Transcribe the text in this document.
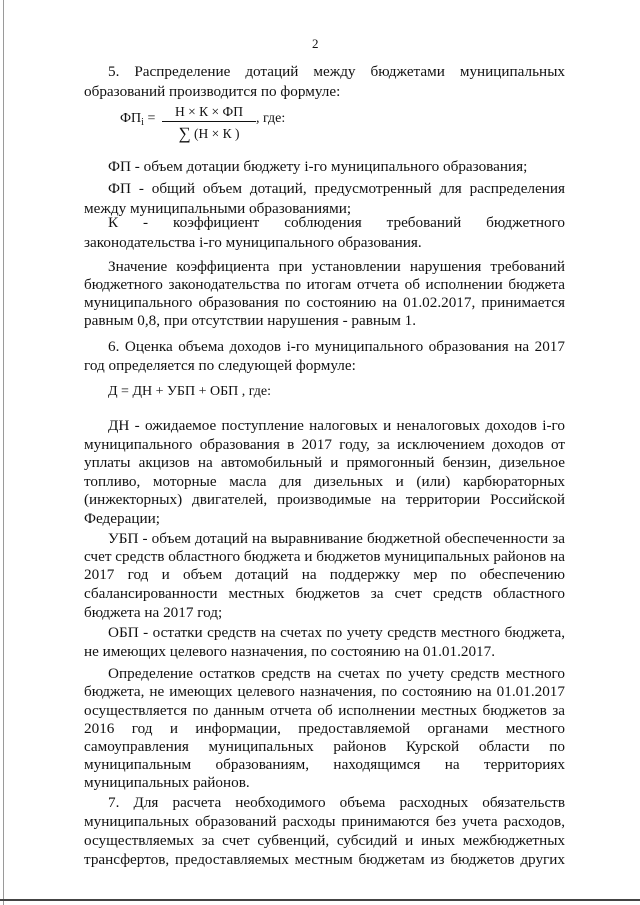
2
5. Распределение дотаций между бюджетами муниципальных
образований производится по формуле:
$ФП_i$ =	Н × К × ФП
∑ (Н × К )
, где:
ФП - объем дотации бюджету i-го муниципального образования;
ФП - общий объем дотаций, предусмотренный для распределения
между муниципальными образованиями;
К - коэффициент соблюдения требований бюджетного
законодательства i-го муниципального образования.
Значение коэффициента при установлении нарушения требований
бюджетного законодательства по итогам отчета об исполнении бюджета
муниципального образования по состоянию на 01.02.2017, принимается
равным 0,8, при отсутствии нарушения - равным 1.
6. Оценка объема доходов i-го муниципального образования на 2017
год определяется по следующей формуле:
Д = ДН + УБП + ОБП , где:
ДН - ожидаемое поступление налоговых и неналоговых доходов i-го
муниципального образования в 2017 году, за исключением доходов от
уплаты акцизов на автомобильный и прямогонный бензин, дизельное
топливо, моторные масла для дизельных и (или) карбюраторных
(инжекторных) двигателей, производимые на территории Российской
Федерации;
УБП - объем дотаций на выравнивание бюджетной обеспеченности за
счет средств областного бюджета и бюджетов муниципальных районов на
2017 год и объем дотаций на поддержку мер по обеспечению
сбалансированности местных бюджетов за счет средств областного
бюджета на 2017 год;
ОБП - остатки средств на счетах по учету средств местного бюджета,
не имеющих целевого назначения, по состоянию на 01.01.2017.
Определение остатков средств на счетах по учету средств местного
бюджета, не имеющих целевого назначения, по состоянию на 01.01.2017
осуществляется по данным отчета об исполнении местных бюджетов за
2016 год и информации, предоставляемой органами местного
самоуправления муниципальных районов Курской области по
муниципальным образованиям, находящимся на территориях
муниципальных районов.
7. Для расчета необходимого объема расходных обязательств
муниципальных образований расходы принимаются без учета расходов,
осуществляемых за счет субвенций, субсидий и иных межбюджетных
трансфертов, предоставляемых местным бюджетам из бюджетов других
